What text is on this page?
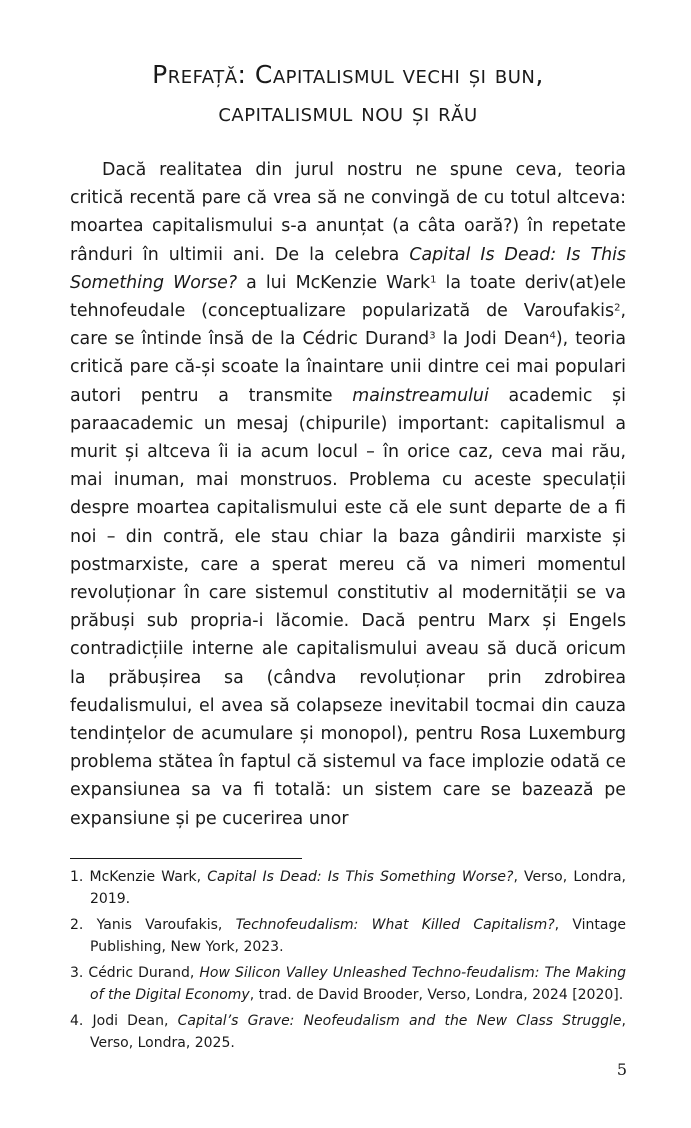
Prefață: Capitalismul vechi și bun,
capitalismul nou și rău

Dacă realitatea din jurul nostru ne spune ceva, teoria critică recentă pare că vrea să ne convingă de cu totul altceva: moartea capitalismului s-a anunțat (a câta oară?) în repetate rânduri în ultimii ani. De la celebra Capital Is Dead: Is This Something Worse? a lui McKenzie Wark$^1$ la toate deriv(at)ele tehnofeudale (conceptualizare popularizată de Varoufakis$^2$, care se întinde însă de la Cédric Durand$^3$ la Jodi Dean$^4$), teoria critică pare că-și scoate la înaintare unii dintre cei mai populari autori pentru a transmite mainstreamului academic și paraacademic un mesaj (chipurile) important: capitalismul a murit și altceva îi ia acum locul – în orice caz, ceva mai rău, mai inuman, mai monstruos. Problema cu aceste speculații despre moartea capitalismului este că ele sunt departe de a fi noi – din contră, ele stau chiar la baza gândirii marxiste și postmarxiste, care a sperat mereu că va nimeri momentul revoluționar în care sistemul constitutiv al modernității se va prăbuși sub propria-i lăcomie. Dacă pentru Marx și Engels contradicțiile interne ale capitalismului aveau să ducă oricum la prăbușirea sa (cândva revoluționar prin zdrobirea feudalismului, el avea să colapseze inevitabil tocmai din cauza tendințelor de acumulare și monopol), pentru Rosa Luxemburg problema stătea în faptul că sistemul va face implozie odată ce expansiunea sa va fi totală: un sistem care se bazează pe expansiune și pe cucerirea unor

1. McKenzie Wark, Capital Is Dead: Is This Something Worse?, Verso, Londra, 2019.
2. Yanis Varoufakis, Technofeudalism: What Killed Capitalism?, Vintage Publishing, New York, 2023.
3. Cédric Durand, How Silicon Valley Unleashed Techno-feudalism: The Making of the Digital Economy, trad. de David Brooder, Verso, Londra, 2024 [2020].
4. Jodi Dean, Capital’s Grave: Neofeudalism and the New Class Struggle, Verso, Londra, 2025.
5
